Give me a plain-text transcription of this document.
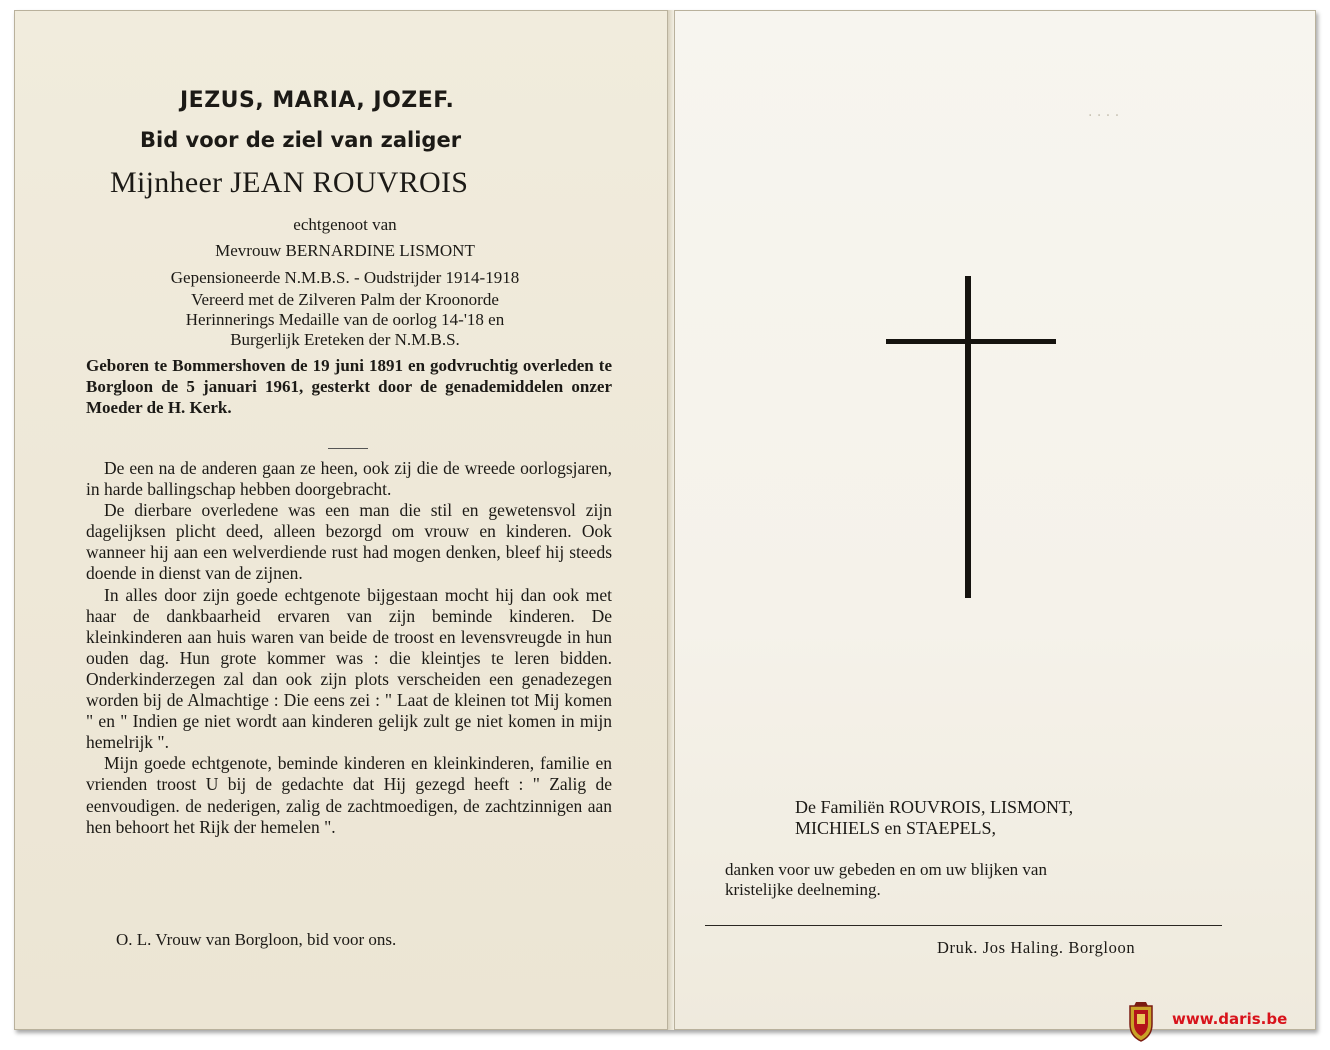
JEZUS, MARIA, JOZEF.
Bid voor de ziel van zaliger
Mijnheer JEAN ROUVROIS
echtgenoot van
Mevrouw BERNARDINE LISMONT
Gepensioneerde N.M.B.S. - Oudstrijder 1914-1918
Vereerd met de Zilveren Palm der Kroonorde
Herinnerings Medaille van de oorlog 14-'18 en
Burgerlijk Ereteken der N.M.B.S.
Geboren te Bommershoven de 19 juni 1891 en godvruchtig overleden te Borgloon de 5 januari 1961, gesterkt door de genademiddelen onzer Moeder de H. Kerk.

De een na de anderen gaan ze heen, ook zij die de wreede oorlogsjaren, in harde ballingschap hebben doorgebracht.

De dierbare overledene was een man die stil en gewetensvol zijn dagelijksen plicht deed, alleen bezorgd om vrouw en kinderen. Ook wanneer hij aan een welverdiende rust had mogen denken, bleef hij steeds doende in dienst van de zijnen.

In alles door zijn goede echtgenote bijgestaan mocht hij dan ook met haar de dankbaarheid ervaren van zijn beminde kinderen. De kleinkinderen aan huis waren van beide de troost en levensvreugde in hun ouden dag. Hun grote kommer was : die kleintjes te leren bidden. Onderkinderzegen zal dan ook zijn plots verscheiden een genadezegen worden bij de Almachtige : Die eens zei : " Laat de kleinen tot Mij komen " en " Indien ge niet wordt aan kinderen gelijk zult ge niet komen in mijn hemelrijk ".

Mijn goede echtgenote, beminde kinderen en kleinkinderen, familie en vrienden troost U bij de gedachte dat Hij gezegd heeft : " Zalig de eenvoudigen. de nederigen, zalig de zachtmoedigen, de zachtzinnigen aan hen behoort het Rijk der hemelen ".

O. L. Vrouw van Borgloon, bid voor ons.
· · · ·
De Familiën ROUVROIS, LISMONT,
MICHIELS en STAEPELS,
danken voor uw gebeden en om uw blijken van
kristelijke deelneming.
Druk. Jos Haling. Borgloon
www.daris.be
